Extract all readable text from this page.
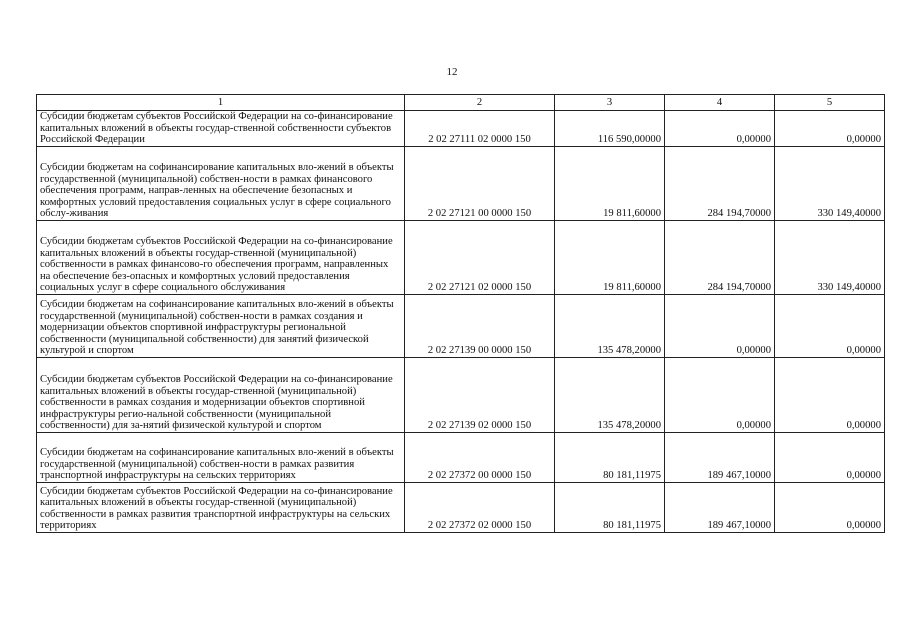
12
1	2	3	4	5
Субсидии бюджетам субъектов Российской Федерации на со-финансирование капитальных вложений в объекты государ-ственной собственности субъектов Российской Федерации	2 02 27111 02 0000 150	116 590,00000	0,00000	0,00000
Субсидии бюджетам на софинансирование капитальных вло-жений в объекты государственной (муниципальной) собствен-ности в рамках финансового обеспечения программ, направ-ленных на обеспечение безопасных и комфортных условий предоставления социальных услуг в сфере социального обслу-живания	2 02 27121 00 0000 150	19 811,60000	284 194,70000	330 149,40000
Субсидии бюджетам субъектов Российской Федерации на со-финансирование капитальных вложений в объекты государ-ственной (муниципальной) собственности в рамках финансово-го обеспечения программ, направленных на обеспечение без-опасных и комфортных условий предоставления социальных услуг в сфере социального обслуживания	2 02 27121 02 0000 150	19 811,60000	284 194,70000	330 149,40000
Субсидии бюджетам на софинансирование капитальных вло-жений в объекты государственной (муниципальной) собствен-ности в рамках создания и модернизации объектов спортивной инфраструктуры региональной собственности (муниципальной собственности) для занятий физической культурой и спортом	2 02 27139 00 0000 150	135 478,20000	0,00000	0,00000
Субсидии бюджетам субъектов Российской Федерации на со-финансирование капитальных вложений в объекты государ-ственной (муниципальной) собственности в рамках создания и модернизации объектов спортивной инфраструктуры регио-нальной собственности (муниципальной собственности) для за-нятий физической культурой и спортом	2 02 27139 02 0000 150	135 478,20000	0,00000	0,00000
Субсидии бюджетам на софинансирование капитальных вло-жений в объекты государственной (муниципальной) собствен-ности в рамках развития транспортной инфраструктуры на сельских территориях	2 02 27372 00 0000 150	80 181,11975	189 467,10000	0,00000
Субсидии бюджетам субъектов Российской Федерации на со-финансирование капитальных вложений в объекты государ-ственной (муниципальной) собственности в рамках развития транспортной инфраструктуры на сельских территориях	2 02 27372 02 0000 150	80 181,11975	189 467,10000	0,00000
